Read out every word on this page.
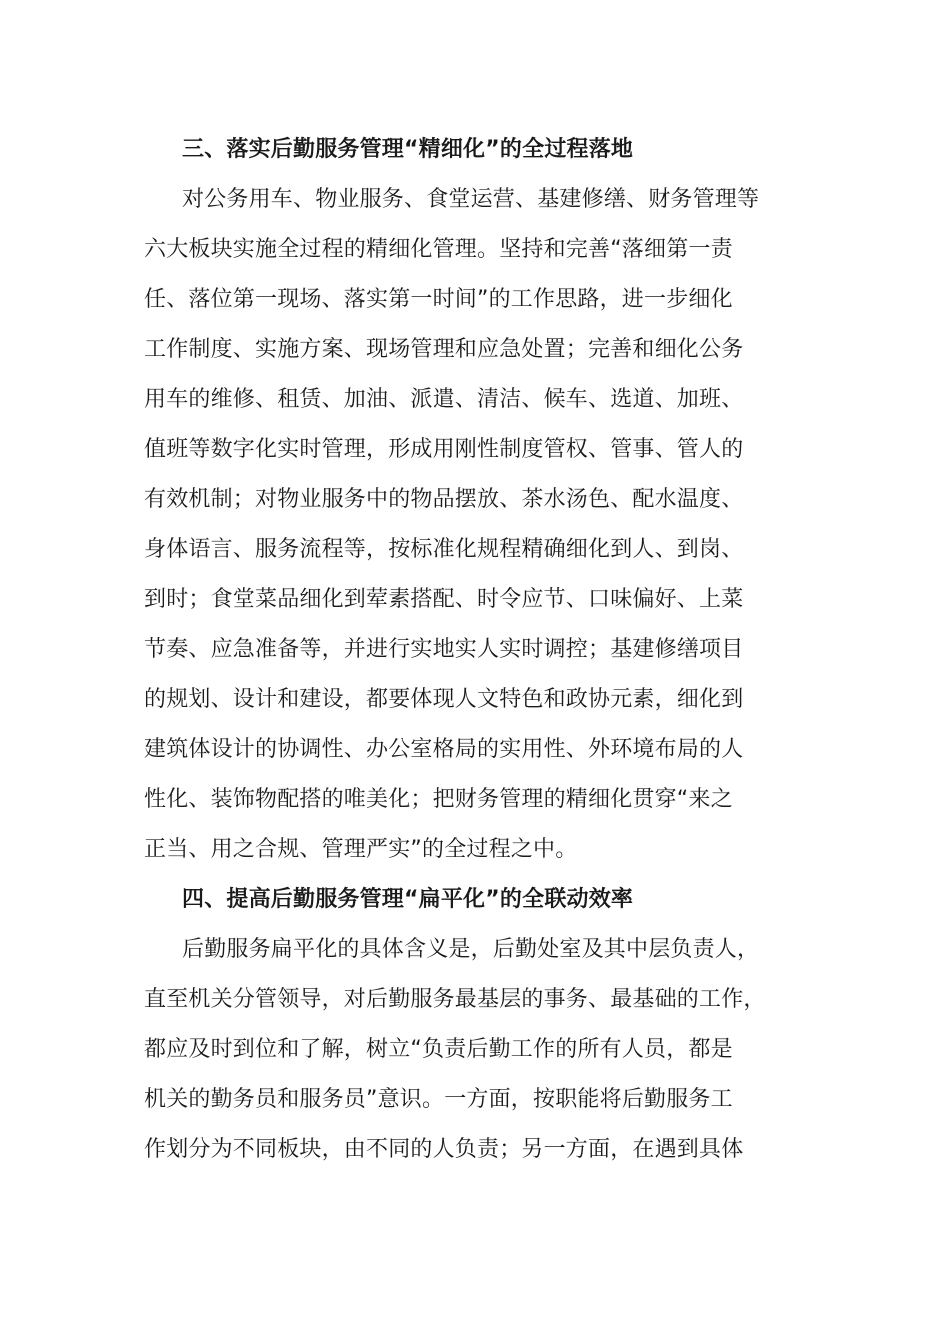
三、落实后勤服务管理“精细化”的全过程落地
对公务用车、物业服务、食堂运营、基建修缮、财务管理等
六大板块实施全过程的精细化管理。坚持和完善“落细第一责
任、落位第一现场、落实第一时间”的工作思路，进一步细化
工作制度、实施方案、现场管理和应急处置；完善和细化公务
用车的维修、租赁、加油、派遣、清洁、候车、选道、加班、
值班等数字化实时管理，形成用刚性制度管权、管事、管人的
有效机制；对物业服务中的物品摆放、茶水汤色、配水温度、
身体语言、服务流程等，按标准化规程精确细化到人、到岗、
到时；食堂菜品细化到荤素搭配、时令应节、口味偏好、上菜
节奏、应急准备等，并进行实地实人实时调控；基建修缮项目
的规划、设计和建设，都要体现人文特色和政协元素，细化到
建筑体设计的协调性、办公室格局的实用性、外环境布局的人
性化、装饰物配搭的唯美化；把财务管理的精细化贯穿“来之
正当、用之合规、管理严实”的全过程之中。
四、提高后勤服务管理“扁平化”的全联动效率
后勤服务扁平化的具体含义是，后勤处室及其中层负责人，
直至机关分管领导，对后勤服务最基层的事务、最基础的工作，
都应及时到位和了解，树立“负责后勤工作的所有人员，都是
机关的勤务员和服务员”意识。一方面，按职能将后勤服务工
作划分为不同板块，由不同的人负责；另一方面，在遇到具体
